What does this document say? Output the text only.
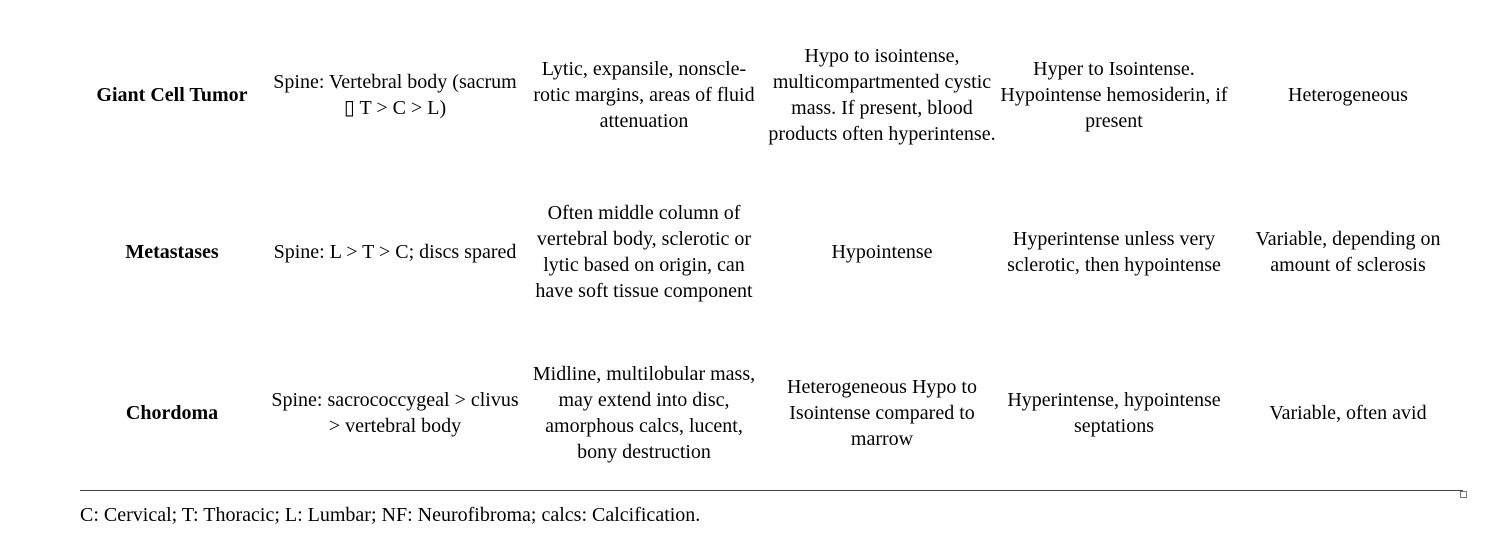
Giant Cell Tumor	Spine: Vertebral body (sacrum ▯ T > C > L)	Lytic, expansile, nonscle-rotic margins, areas of fluid attenuation	Hypo to isointense, multicompartmented cystic mass. If present, blood products often hyperintense.	Hyper to Isointense. Hypointense hemosiderin, if present	Heterogeneous
Metastases	Spine: L > T > C; discs spared	Often middle column of vertebral body, sclerotic or lytic based on origin, can have soft tissue component	Hypointense	Hyperintense unless very sclerotic, then hypointense	Variable, depending on amount of sclerosis
Chordoma	Spine: sacrococcygeal > clivus > vertebral body	Midline, multilobular mass, may extend into disc, amorphous calcs, lucent, bony destruction	Heterogeneous Hypo to Isointense compared to marrow	Hyperintense, hypointense septations	Variable, often avid
C: Cervical; T: Thoracic; L: Lumbar; NF: Neurofibroma; calcs: Calcification.
